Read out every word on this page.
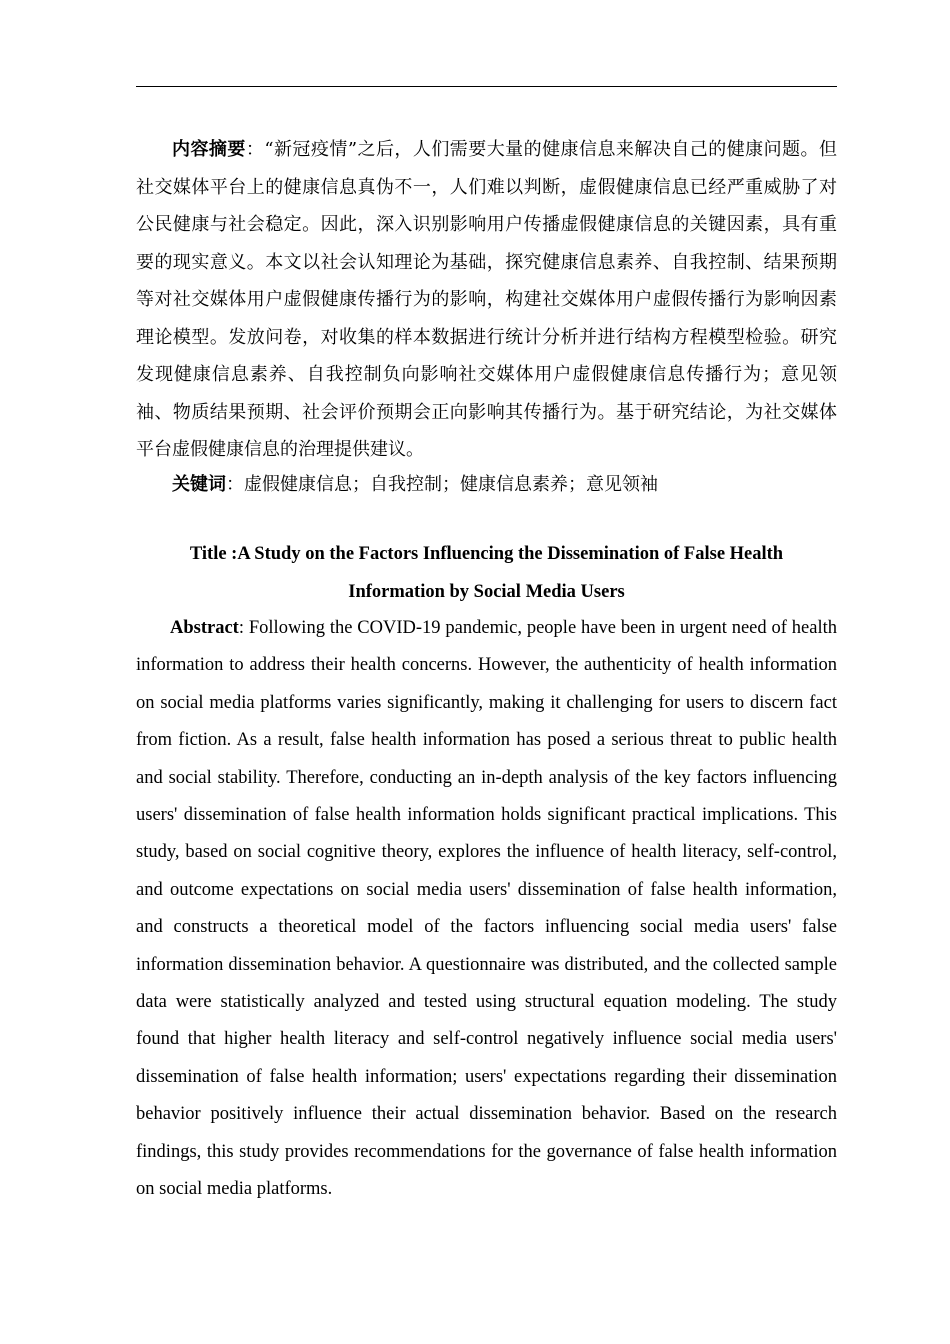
内容摘要：“新冠疫情”之后，人们需要大量的健康信息来解决自己的健康问题。但社交媒体平台上的健康信息真伪不一，人们难以判断，虚假健康信息已经严重威胁了对公民健康与社会稳定。因此，深入识别影响用户传播虚假健康信息的关键因素，具有重要的现实意义。本文以社会认知理论为基础，探究健康信息素养、自我控制、结果预期等对社交媒体用户虚假健康传播行为的影响，构建社交媒体用户虚假传播行为影响因素理论模型。发放问卷，对收集的样本数据进行统计分析并进行结构方程模型检验。研究发现健康信息素养、自我控制负向影响社交媒体用户虚假健康信息传播行为；意见领袖、物质结果预期、社会评价预期会正向影响其传播行为。基于研究结论，为社交媒体平台虚假健康信息的治理提供建议。

关键词：虚假健康信息；自我控制；健康信息素养；意见领袖

Title :A Study on the Factors Influencing the Dissemination of False Health
Information by Social Media Users

Abstract: Following the COVID-19 pandemic, people have been in urgent need of health information to address their health concerns. However, the authenticity of health information on social media platforms varies significantly, making it challenging for users to discern fact from fiction. As a result, false health information has posed a serious threat to public health and social stability. Therefore, conducting an in-depth analysis of the key factors influencing users' dissemination of false health information holds significant practical implications. This study, based on social cognitive theory, explores the influence of health literacy, self-control, and outcome expectations on social media users' dissemination of false health information, and constructs a theoretical model of the factors influencing social media users' false information dissemination behavior. A questionnaire was distributed, and the collected sample data were statistically analyzed and tested using structural equation modeling. The study found that higher health literacy and self-control negatively influence social media users' dissemination of false health information; users' expectations regarding their dissemination behavior positively influence their actual dissemination behavior. Based on the research findings, this study provides recommendations for the governance of false health information on social media platforms.
